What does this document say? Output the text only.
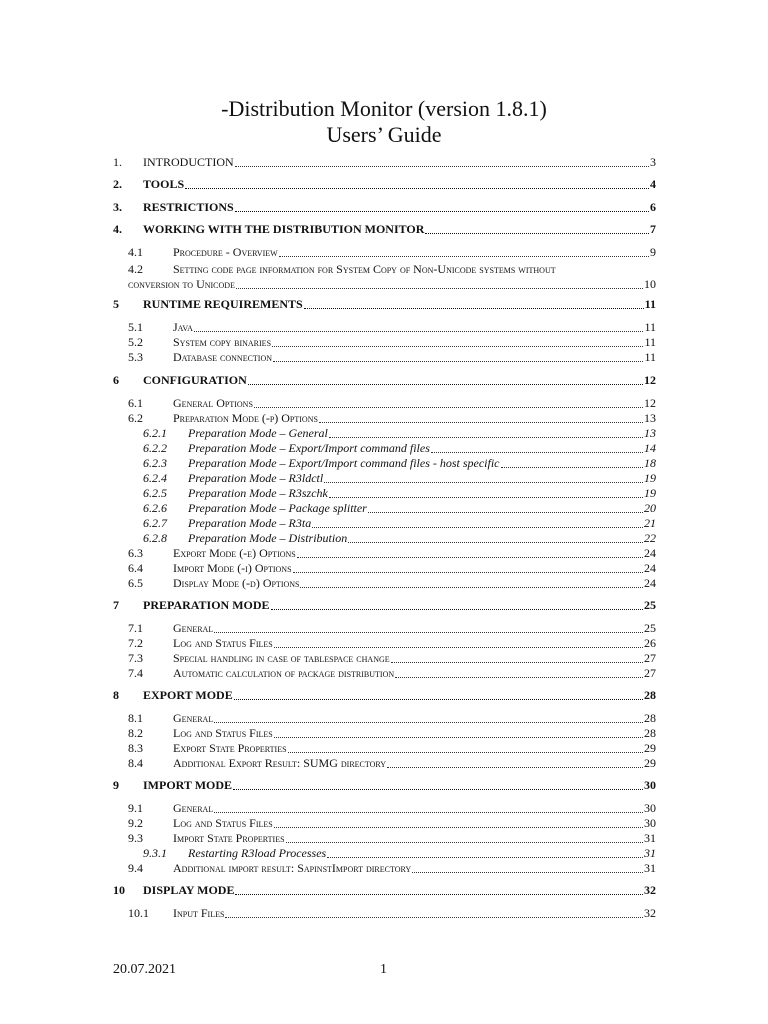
-Distribution Monitor (version 1.8.1)
Users’ Guide
1.	INTRODUCTION	3
2.	TOOLS	4
3.	RESTRICTIONS	6
4.	WORKING WITH THE DISTRIBUTION MONITOR	7
4.1	Procedure - Overview	9
4.2	Setting code page information for System Copy of Non-Unicode systems without
conversion to Unicode	10
5	RUNTIME REQUIREMENTS	11
5.1	Java	11
5.2	System copy binaries	11
5.3	Database connection	11
6	CONFIGURATION	12
6.1	General Options	12
6.2	Preparation Mode (-p) Options	13
6.2.1	Preparation Mode – General	13
6.2.2	Preparation Mode – Export/Import command files	14
6.2.3	Preparation Mode – Export/Import command files - host specific	18
6.2.4	Preparation Mode – R3ldctl	19
6.2.5	Preparation Mode – R3szchk	19
6.2.6	Preparation Mode – Package splitter	20
6.2.7	Preparation Mode – R3ta	21
6.2.8	Preparation Mode – Distribution	22
6.3	Export Mode (-e) Options	24
6.4	Import Mode (-i) Options	24
6.5	Display Mode (-d) Options	24
7	PREPARATION MODE	25
7.1	General	25
7.2	Log and Status Files	26
7.3	Special handling in case of tablespace change	27
7.4	Automatic calculation of package distribution	27
8	EXPORT MODE	28
8.1	General	28
8.2	Log and Status Files	28
8.3	Export State Properties	29
8.4	Additional Export Result: SUMG directory	29
9	IMPORT MODE	30
9.1	General	30
9.2	Log and Status Files	30
9.3	Import State Properties	31
9.3.1	Restarting R3load Processes	31
9.4	Additional import result: SapinstImport directory	31
10	DISPLAY MODE	32
10.1	Input Files	32
20.07.2021	1
